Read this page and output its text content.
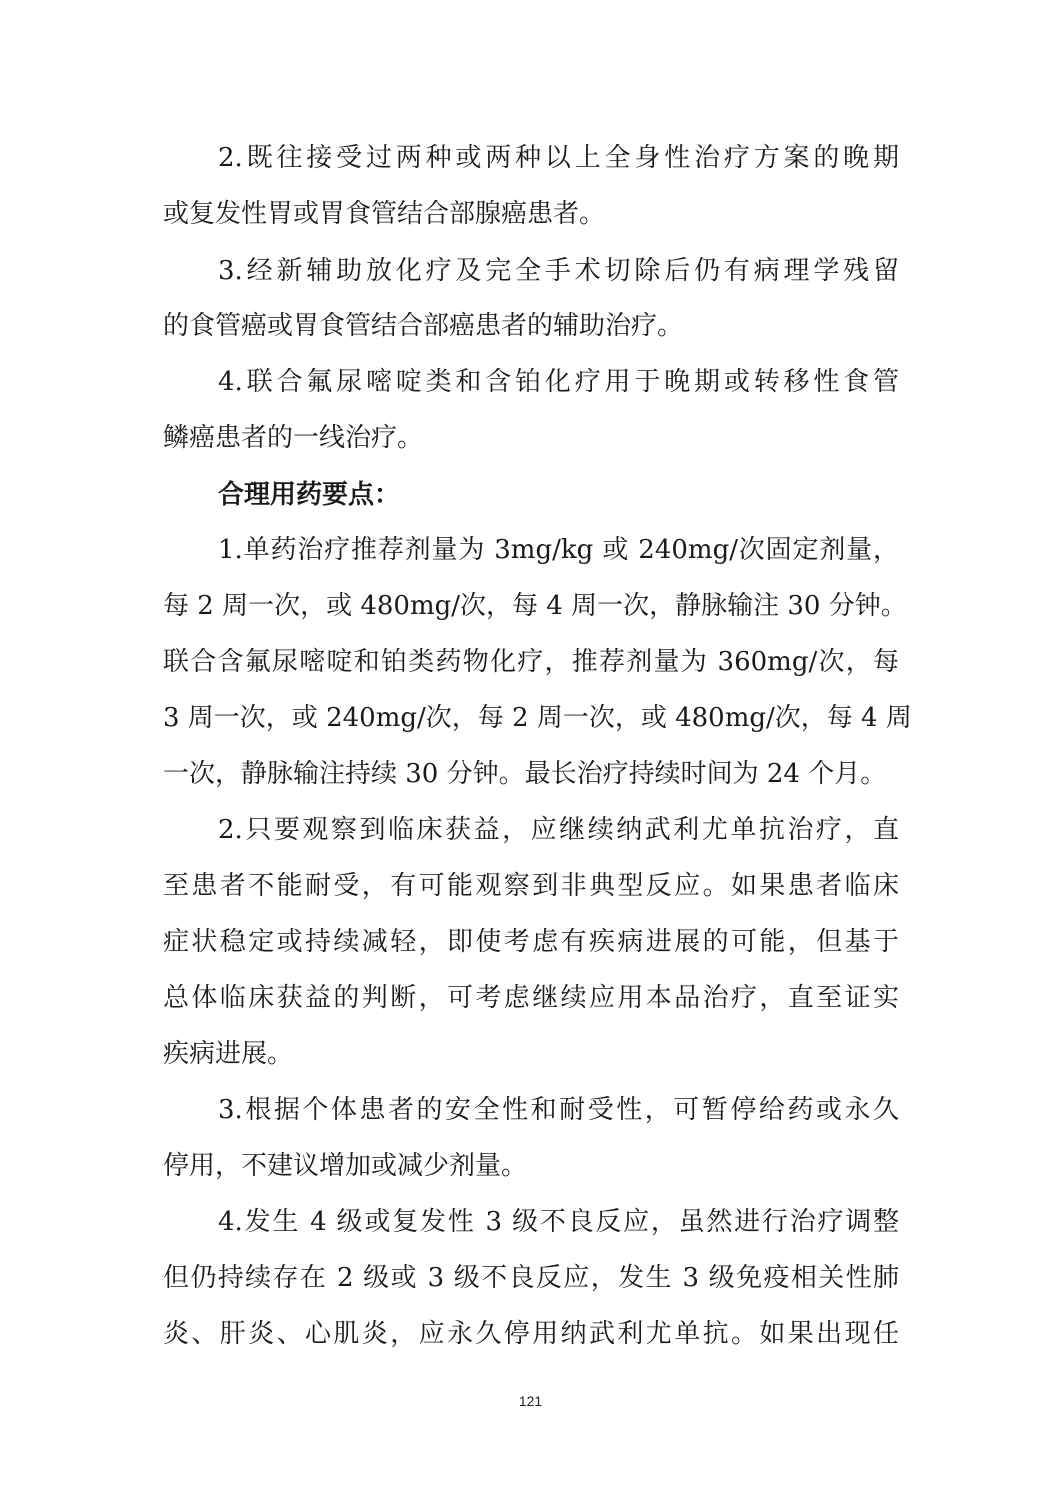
2.既往接受过两种或两种以上全身性治疗方案的晚期
或复发性胃或胃食管结合部腺癌患者。
3.经新辅助放化疗及完全手术切除后仍有病理学残留
的食管癌或胃食管结合部癌患者的辅助治疗。
4.联合氟尿嘧啶类和含铂化疗用于晚期或转移性食管
鳞癌患者的一线治疗。
合理用药要点：
1.单药治疗推荐剂量为 3mg/kg 或 240mg/次固定剂量，
每 2 周一次，或 480mg/次，每 4 周一次，静脉输注 30 分钟。
联合含氟尿嘧啶和铂类药物化疗，推荐剂量为 360mg/次，每
3 周一次，或 240mg/次，每 2 周一次，或 480mg/次，每 4 周
一次，静脉输注持续 30 分钟。最长治疗持续时间为 24 个月。
2.只要观察到临床获益，应继续纳武利尤单抗治疗，直
至患者不能耐受，有可能观察到非典型反应。如果患者临床
症状稳定或持续减轻，即使考虑有疾病进展的可能，但基于
总体临床获益的判断，可考虑继续应用本品治疗，直至证实
疾病进展。
3.根据个体患者的安全性和耐受性，可暂停给药或永久
停用，不建议增加或减少剂量。
4.发生 4 级或复发性 3 级不良反应，虽然进行治疗调整
但仍持续存在 2 级或 3 级不良反应，发生 3 级免疫相关性肺
炎、肝炎、心肌炎，应永久停用纳武利尤单抗。如果出现任
121
